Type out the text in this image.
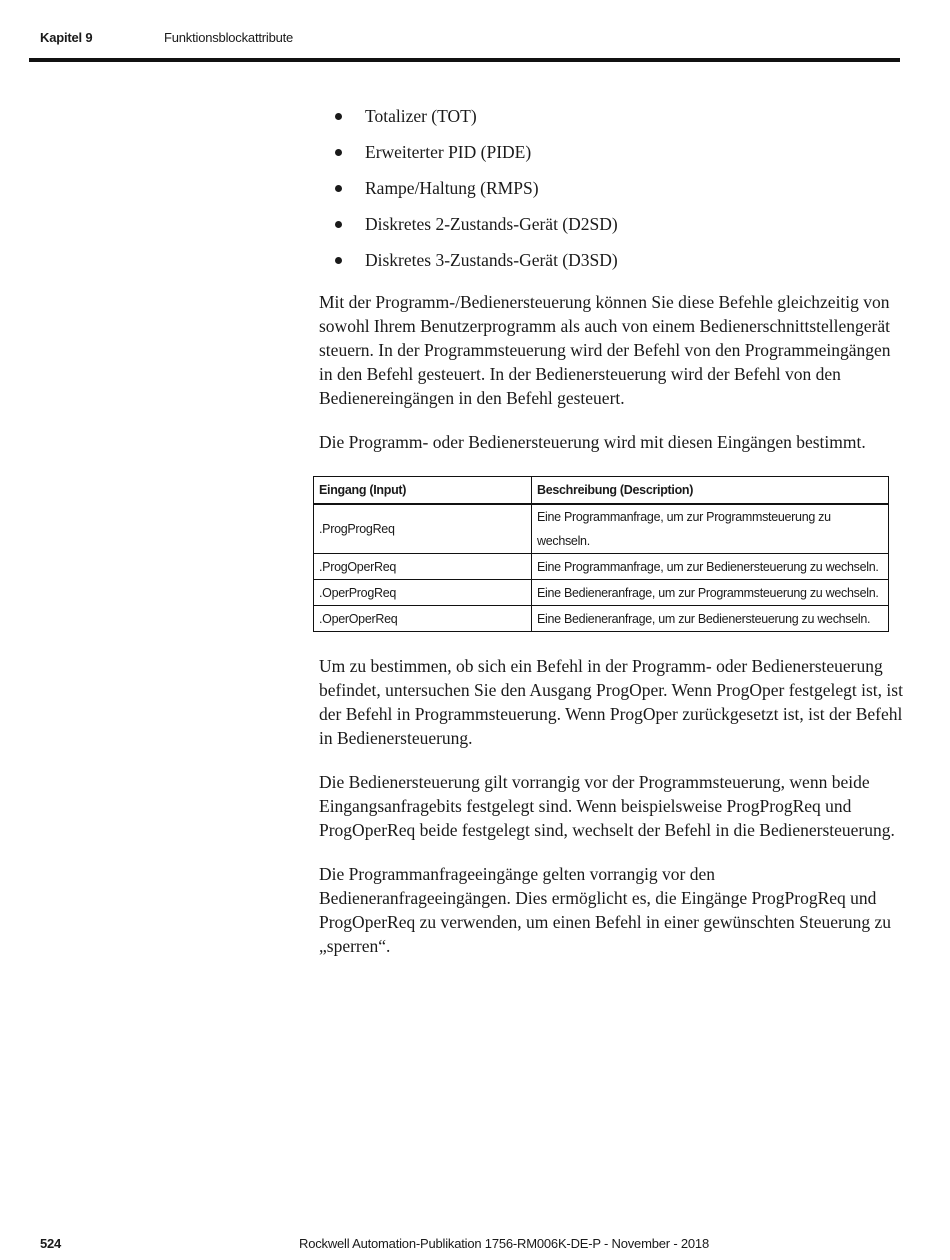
Kapitel 9	Funktionsblockattribute
Totalizer (TOT)
Erweiterter PID (PIDE)
Rampe/Haltung (RMPS)
Diskretes 2-Zustands-Gerät (D2SD)
Diskretes 3-Zustands-Gerät (D3SD)

Mit der Programm-/Bedienersteuerung können Sie diese Befehle gleichzeitig von sowohl Ihrem Benutzerprogramm als auch von einem Bedienerschnittstellengerät steuern. In der Programmsteuerung wird der Befehl von den Programmeingängen in den Befehl gesteuert. In der Bedienersteuerung wird der Befehl von den Bedienereingängen in den Befehl gesteuert.

Die Programm- oder Bedienersteuerung wird mit diesen Eingängen bestimmt.

Eingang (Input)	Beschreibung (Description)
.ProgProgReq	Eine Programmanfrage, um zur Programmsteuerung zu wechseln.
.ProgOperReq	Eine Programmanfrage, um zur Bedienersteuerung zu wechseln.
.OperProgReq	Eine Bedieneranfrage, um zur Programmsteuerung zu wechseln.
.OperOperReq	Eine Bedieneranfrage, um zur Bedienersteuerung zu wechseln.

Um zu bestimmen, ob sich ein Befehl in der Programm- oder Bedienersteuerung befindet, untersuchen Sie den Ausgang ProgOper. Wenn ProgOper festgelegt ist, ist der Befehl in Programmsteuerung. Wenn ProgOper zurückgesetzt ist, ist der Befehl in Bedienersteuerung.

Die Bedienersteuerung gilt vorrangig vor der Programmsteuerung, wenn beide Eingangsanfragebits festgelegt sind. Wenn beispielsweise ProgProgReq und ProgOperReq beide festgelegt sind, wechselt der Befehl in die Bedienersteuerung.

Die Programmanfrageeingänge gelten vorrangig vor den Bedieneranfrageeingängen. Dies ermöglicht es, die Eingänge ProgProgReq und ProgOperReq zu verwenden, um einen Befehl in einer gewünschten Steuerung zu „sperren“.

524	Rockwell Automation-Publikation 1756-RM006K-DE-P - November - 2018
